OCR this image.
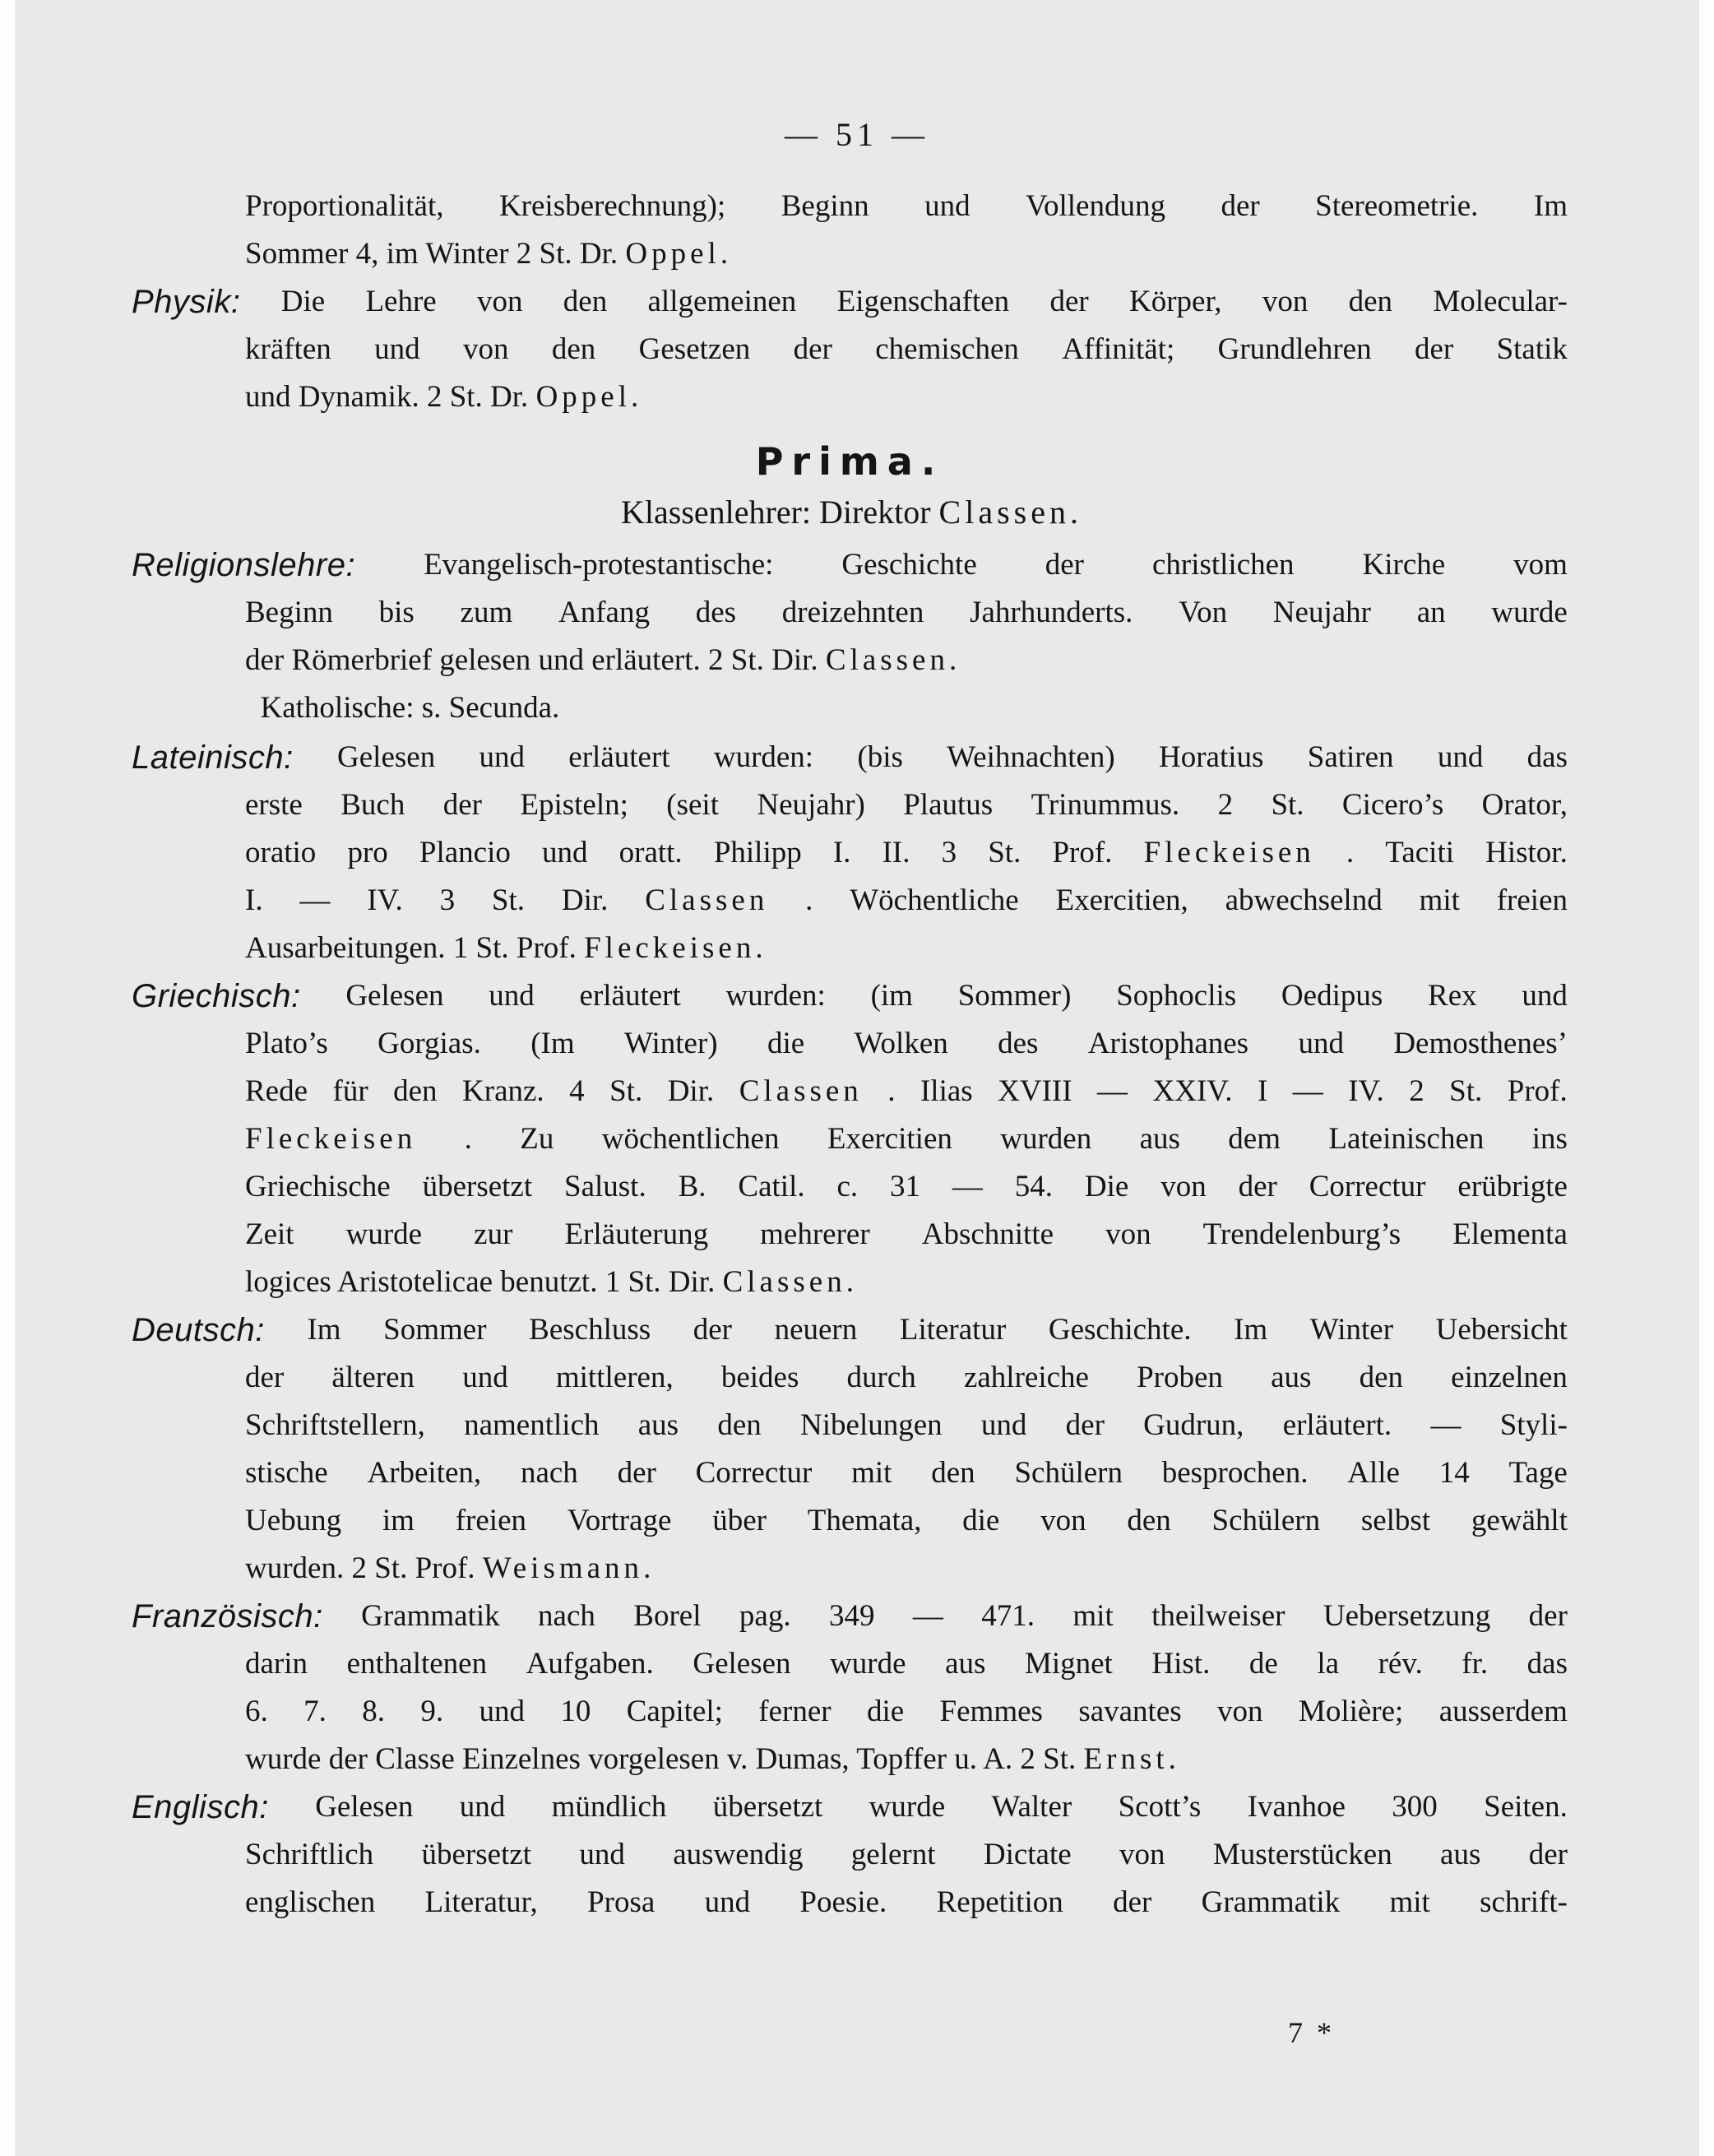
— 51 —
Proportionalität, Kreisberechnung); Beginn und Vollendung der Stereometrie. Im
Sommer 4, im Winter 2 St. Dr. Oppel .
Physik: Die Lehre von den allgemeinen Eigenschaften der Körper, von den Molecular-
kräften und von den Gesetzen der chemischen Affinität; Grundlehren der Statik
und Dynamik. 2 St. Dr. Oppel .
Prima.
Klassenlehrer: Direktor Classen .
Religionslehre: Evangelisch-protestantische: Geschichte der christlichen Kirche vom
Beginn bis zum Anfang des dreizehnten Jahrhunderts. Von Neujahr an wurde
der Römerbrief gelesen und erläutert. 2 St. Dir. Classen .
Katholische: s. Secunda.
Lateinisch: Gelesen und erläutert wurden: (bis Weihnachten) Horatius Satiren und das
erste Buch der Episteln; (seit Neujahr) Plautus Trinummus. 2 St. Cicero’s Orator,
oratio pro Plancio und oratt. Philipp I. II. 3 St. Prof. Fleckeisen . Taciti Histor.
I. — IV. 3 St. Dir. Classen . Wöchentliche Exercitien, abwechselnd mit freien
Ausarbeitungen. 1 St. Prof. Fleckeisen .
Griechisch: Gelesen und erläutert wurden: (im Sommer) Sophoclis Oedipus Rex und
Plato’s Gorgias. (Im Winter) die Wolken des Aristophanes und Demosthenes’
Rede für den Kranz. 4 St. Dir. Classen . Ilias XVIII — XXIV. I — IV. 2 St. Prof.
Fleckeisen . Zu wöchentlichen Exercitien wurden aus dem Lateinischen ins
Griechische übersetzt Salust. B. Catil. c. 31 — 54. Die von der Correctur erübrigte
Zeit wurde zur Erläuterung mehrerer Abschnitte von Trendelenburg’s Elementa
logices Aristotelicae benutzt. 1 St. Dir. Classen .
Deutsch: Im Sommer Beschluss der neuern Literatur Geschichte. Im Winter Uebersicht
der älteren und mittleren, beides durch zahlreiche Proben aus den einzelnen
Schriftstellern, namentlich aus den Nibelungen und der Gudrun, erläutert. — Styli-
stische Arbeiten, nach der Correctur mit den Schülern besprochen. Alle 14 Tage
Uebung im freien Vortrage über Themata, die von den Schülern selbst gewählt
wurden. 2 St. Prof. Weismann .
Französisch: Grammatik nach Borel pag. 349 — 471. mit theilweiser Uebersetzung der
darin enthaltenen Aufgaben. Gelesen wurde aus Mignet Hist. de la rév. fr. das
6. 7. 8. 9. und 10 Capitel; ferner die Femmes savantes von Molière; ausserdem
wurde der Classe Einzelnes vorgelesen v. Dumas, Topffer u. A. 2 St. Ernst .
Englisch: Gelesen und mündlich übersetzt wurde Walter Scott’s Ivanhoe 300 Seiten.
Schriftlich übersetzt und auswendig gelernt Dictate von Musterstücken aus der
englischen Literatur, Prosa und Poesie. Repetition der Grammatik mit schrift-
7 *
